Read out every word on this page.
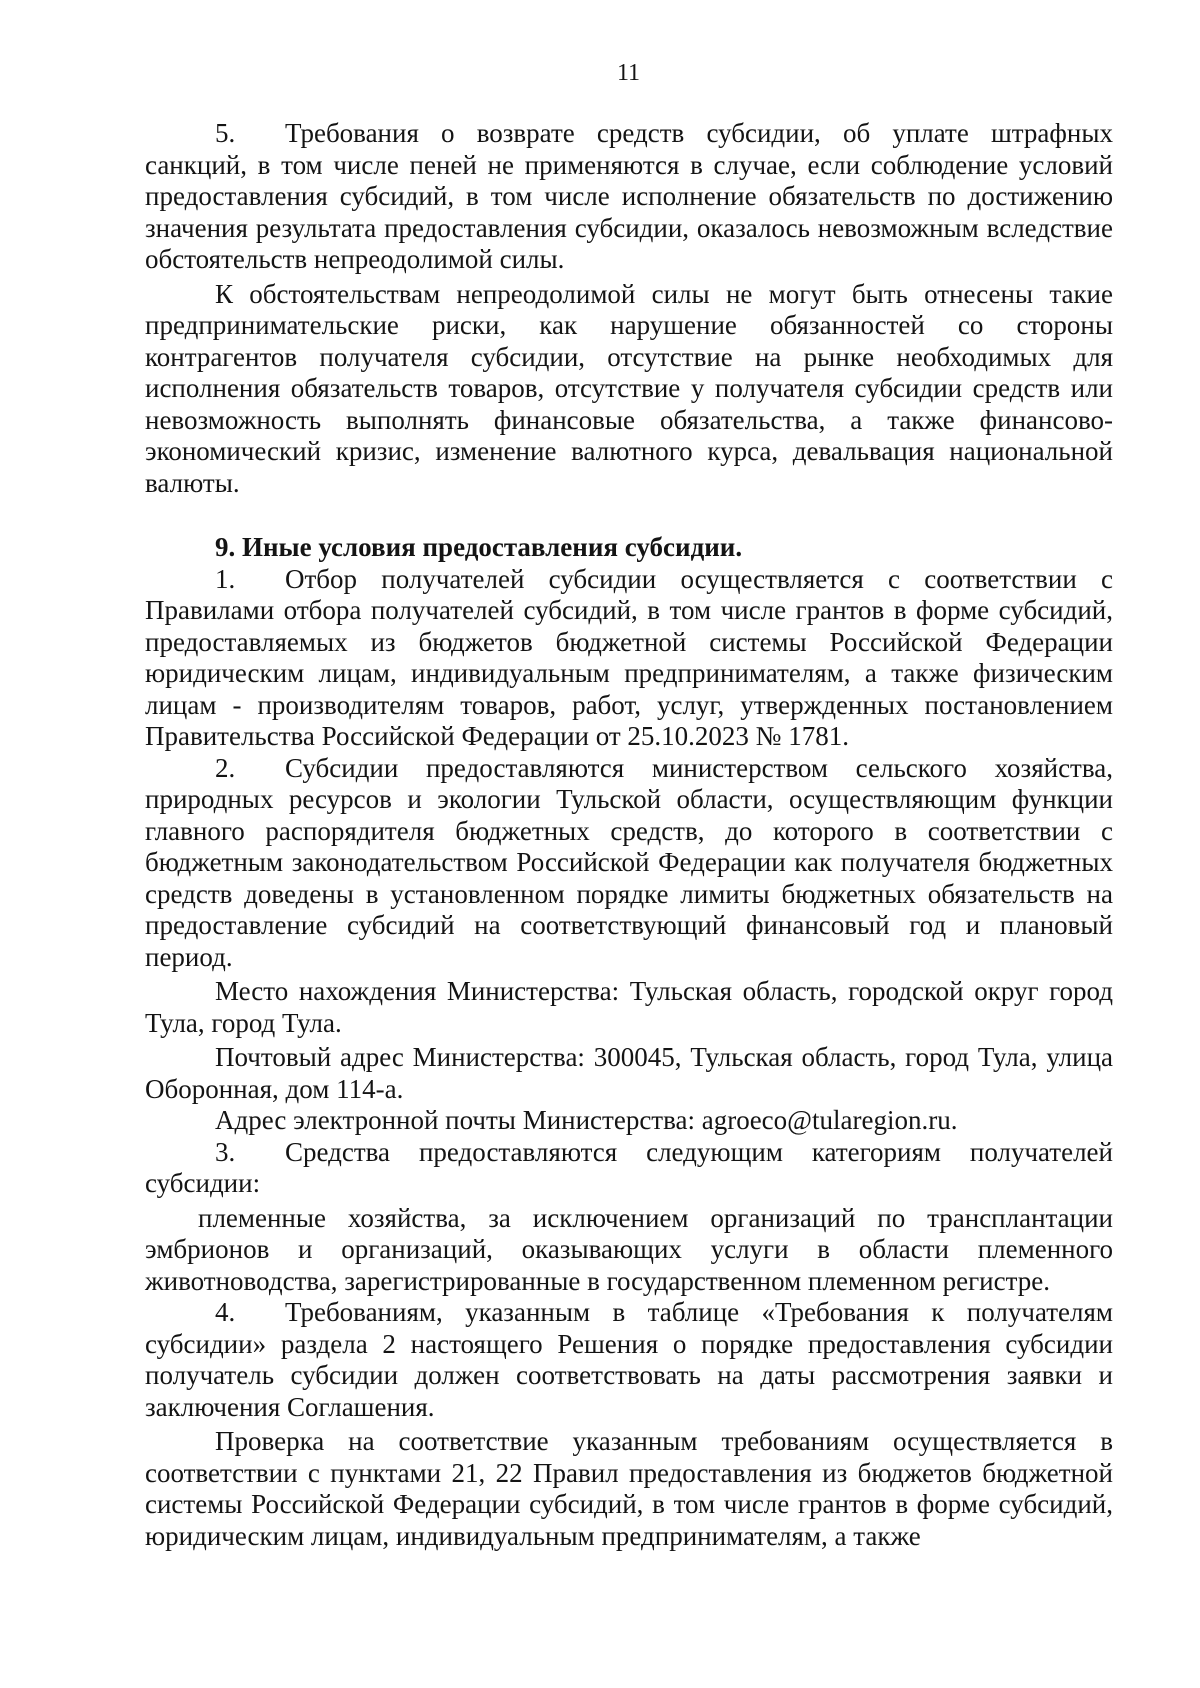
11

5. Требования о возврате средств субсидии, об уплате штрафных санкций, в том числе пеней не применяются в случае, если соблюдение условий предоставления субсидий, в том числе исполнение обязательств по достижению значения результата предоставления субсидии, оказалось невозможным вследствие обстоятельств непреодолимой силы.

К обстоятельствам непреодолимой силы не могут быть отнесены такие предпринимательские риски, как нарушение обязанностей со стороны контрагентов получателя субсидии, отсутствие на рынке необходимых для исполнения обязательств товаров, отсутствие у получателя субсидии средств или невозможность выполнять финансовые обязательства, а также финансово-экономический кризис, изменение валютного курса, девальвация национальной валюты.

9. Иные условия предоставления субсидии.

1. Отбор получателей субсидии осуществляется с соответствии с Правилами отбора получателей субсидий, в том числе грантов в форме субсидий, предоставляемых из бюджетов бюджетной системы Российской Федерации юридическим лицам, индивидуальным предпринимателям, а также физическим лицам - производителям товаров, работ, услуг, утвержденных постановлением Правительства Российской Федерации от 25.10.2023 № 1781.

2. Субсидии предоставляются министерством сельского хозяйства, природных ресурсов и экологии Тульской области, осуществляющим функции главного распорядителя бюджетных средств, до которого в соответствии с бюджетным законодательством Российской Федерации как получателя бюджетных средств доведены в установленном порядке лимиты бюджетных обязательств на предоставление субсидий на соответствующий финансовый год и плановый период.

Место нахождения Министерства: Тульская область, городской округ город Тула, город Тула.

Почтовый адрес Министерства: 300045, Тульская область, город Тула, улица Оборонная, дом 114-а.

Адрес электронной почты Министерства: agroeco@tularegion.ru.

3. Средства предоставляются следующим категориям получателей субсидии:

племенные хозяйства, за исключением организаций по трансплантации эмбрионов и организаций, оказывающих услуги в области племенного животноводства, зарегистрированные в государственном племенном регистре.

4. Требованиям, указанным в таблице «Требования к получателям субсидии» раздела 2 настоящего Решения о порядке предоставления субсидии получатель субсидии должен соответствовать на даты рассмотрения заявки и заключения Соглашения.

Проверка на соответствие указанным требованиям осуществляется в соответствии с пунктами 21, 22 Правил предоставления из бюджетов бюджетной системы Российской Федерации субсидий, в том числе грантов в форме субсидий, юридическим лицам, индивидуальным предпринимателям, а также
